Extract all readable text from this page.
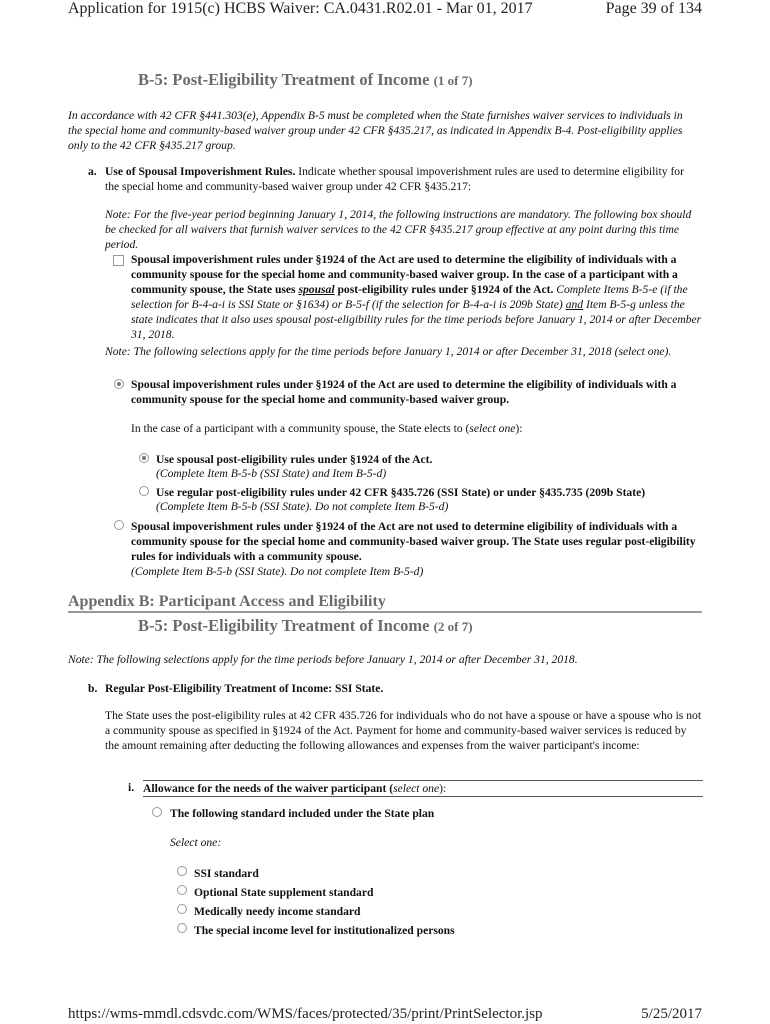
Application for 1915(c) HCBS Waiver: CA.0431.R02.01 - Mar 01, 2017	Page 39 of 134
B-5: Post-Eligibility Treatment of Income (1 of 7)
In accordance with 42 CFR §441.303(e), Appendix B-5 must be completed when the State furnishes waiver services to individuals in the special home and community-based waiver group under 42 CFR §435.217, as indicated in Appendix B-4. Post-eligibility applies only to the 42 CFR §435.217 group.
a. Use of Spousal Impoverishment Rules. Indicate whether spousal impoverishment rules are used to determine eligibility for the special home and community-based waiver group under 42 CFR §435.217:
Note: For the five-year period beginning January 1, 2014, the following instructions are mandatory. The following box should be checked for all waivers that furnish waiver services to the 42 CFR §435.217 group effective at any point during this time period.
Spousal impoverishment rules under §1924 of the Act are used to determine the eligibility of individuals with a community spouse for the special home and community-based waiver group. In the case of a participant with a community spouse, the State uses spousal post-eligibility rules under §1924 of the Act. Complete Items B-5-e (if the selection for B-4-a-i is SSI State or §1634) or B-5-f (if the selection for B-4-a-i is 209b State) and Item B-5-g unless the state indicates that it also uses spousal post-eligibility rules for the time periods before January 1, 2014 or after December 31, 2018.
Note: The following selections apply for the time periods before January 1, 2014 or after December 31, 2018 (select one).
Spousal impoverishment rules under §1924 of the Act are used to determine the eligibility of individuals with a community spouse for the special home and community-based waiver group.
In the case of a participant with a community spouse, the State elects to (select one):
Use spousal post-eligibility rules under §1924 of the Act.
(Complete Item B-5-b (SSI State) and Item B-5-d)
Use regular post-eligibility rules under 42 CFR §435.726 (SSI State) or under §435.735 (209b State)
(Complete Item B-5-b (SSI State). Do not complete Item B-5-d)
Spousal impoverishment rules under §1924 of the Act are not used to determine eligibility of individuals with a community spouse for the special home and community-based waiver group. The State uses regular post-eligibility rules for individuals with a community spouse.
(Complete Item B-5-b (SSI State). Do not complete Item B-5-d)
Appendix B: Participant Access and Eligibility
B-5: Post-Eligibility Treatment of Income (2 of 7)
Note: The following selections apply for the time periods before January 1, 2014 or after December 31, 2018.
b. Regular Post-Eligibility Treatment of Income: SSI State.
The State uses the post-eligibility rules at 42 CFR 435.726 for individuals who do not have a spouse or have a spouse who is not a community spouse as specified in §1924 of the Act. Payment for home and community-based waiver services is reduced by the amount remaining after deducting the following allowances and expenses from the waiver participant's income:
i. Allowance for the needs of the waiver participant (select one):
The following standard included under the State plan
Select one:
SSI standard
Optional State supplement standard
Medically needy income standard
The special income level for institutionalized persons
https://wms-mmdl.cdsvdc.com/WMS/faces/protected/35/print/PrintSelector.jsp	5/25/2017
